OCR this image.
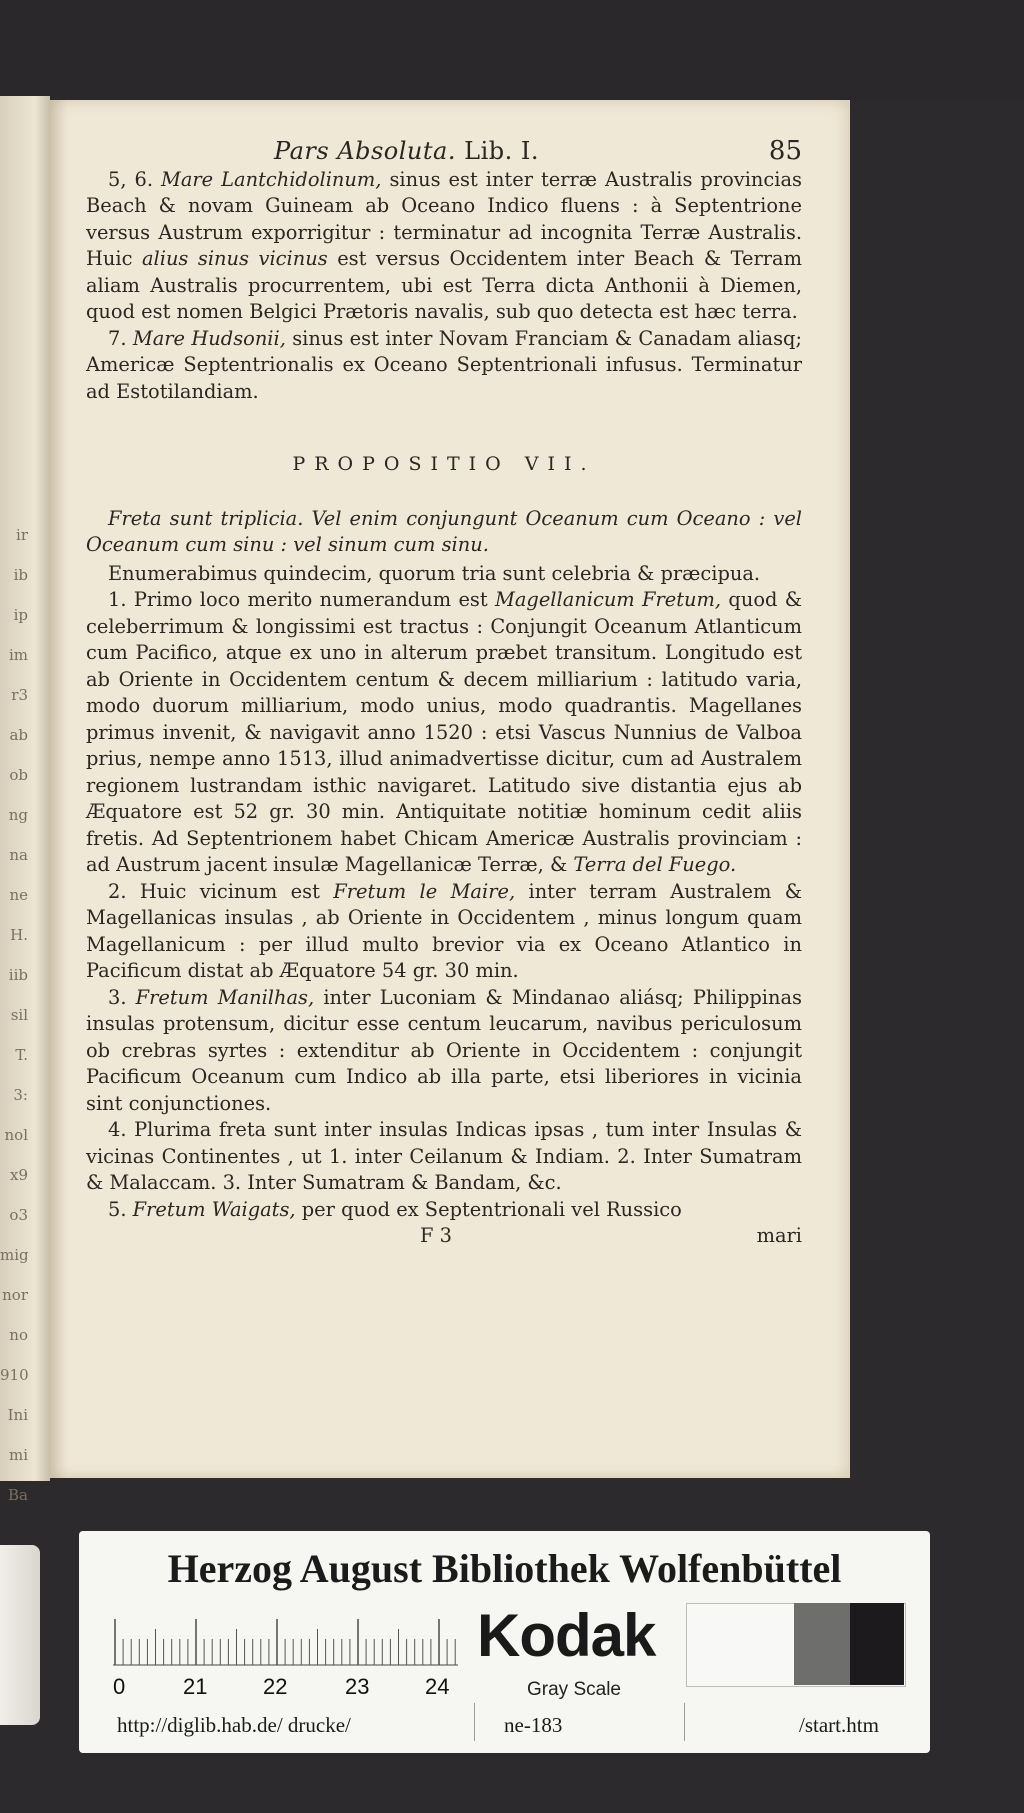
ir
ib
ip
im
r3
ab
ob
ng
na
ne
H.
iib
sil
T.
3:
nol
x9
o3
mig
nor
no
910
Ini
mi
Ba
Pars Absoluta. Lib. I.	85

5, 6. Mare Lantchidolinum, sinus est inter terræ Australis provincias Beach & novam Guineam ab Oceano Indico fluens : à Septentrione versus Austrum exporrigitur : terminatur ad incognita Terræ Australis. Huic alius sinus vicinus est versus Occidentem inter Beach & Terram aliam Australis procurrentem, ubi est Terra dicta Anthonii à Diemen, quod est nomen Belgici Prætoris navalis, sub quo detecta est hæc terra.

7. Mare Hudsonii, sinus est inter Novam Franciam & Canadam aliasq; Americæ Septentrionalis ex Oceano Septentrionali infusus. Terminatur ad Estotilandiam.

PROPOSITIO VII.

Freta sunt triplicia. Vel enim conjungunt Oceanum cum Oceano : vel Oceanum cum sinu : vel sinum cum sinu.

Enumerabimus quindecim, quorum tria sunt celebria & præcipua.

1. Primo loco merito numerandum est Magellanicum Fretum, quod & celeberrimum & longissimi est tractus : Conjungit Oceanum Atlanticum cum Pacifico, atque ex uno in alterum præbet transitum. Longitudo est ab Oriente in Occidentem centum & decem milliarium : latitudo varia, modo duorum milliarium, modo unius, modo quadrantis. Magellanes primus invenit, & navigavit anno 1520 : etsi Vascus Nunnius de Valboa prius, nempe anno 1513, illud animadvertisse dicitur, cum ad Australem regionem lustrandam isthic navigaret. Latitudo sive distantia ejus ab Æquatore est 52 gr. 30 min. Antiquitate notitiæ hominum cedit aliis fretis. Ad Septentrionem habet Chicam Americæ Australis provinciam : ad Austrum jacent insulæ Magellanicæ Terræ, & Terra del Fuego.

2. Huic vicinum est Fretum le Maire, inter terram Australem & Magellanicas insulas , ab Oriente in Occidentem , minus longum quam Magellanicum : per illud multo brevior via ex Oceano Atlantico in Pacificum distat ab Æquatore 54 gr. 30 min.

3. Fretum Manilhas, inter Luconiam & Mindanao aliásq; Philippinas insulas protensum, dicitur esse centum leucarum, navibus periculosum ob crebras syrtes : extenditur ab Oriente in Occidentem : conjungit Pacificum Oceanum cum Indico ab illa parte, etsi liberiores in vicinia sint conjunctiones.

4. Plurima freta sunt inter insulas Indicas ipsas , tum inter Insulas & vicinas Continentes , ut 1. inter Ceilanum & Indiam. 2. Inter Sumatram & Malaccam. 3. Inter Sumatram & Bandam, &c.

5. Fretum Waigats, per quod ex Septentrionali vel Russico

F 3	mari
Herzog August Bibliothek Wolfenbüttel
0	21	22	23	24
Kodak
Gray Scale
http://diglib.hab.de/ drucke/	ne-183	/start.htm
